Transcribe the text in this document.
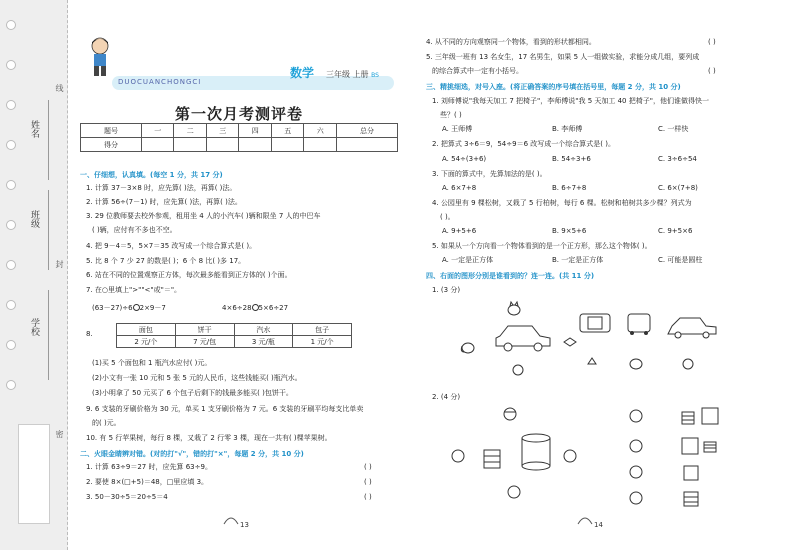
姓名
班级
学校
线
封
密
DUOCUANCHONGCI
数学 三年级 上册 BS
第一次月考测评卷
题号	一	二	三	四	五	六	总分
得分							
一、仔细想，认真填。(每空 1 分，共 17 分)
1. 计算 37－3×8 时，应先算( )法，再算( )法。
2. 计算 56÷(7－1) 时，应先算( )法，再算( )法。
3. 29 位教师要去校外参观，租用坐 4 人的小汽车( )辆和限坐 7 人的中巴车
( )辆，应付有不多也不空。
4. 把 9－4＝5，5×7＝35 改写成一个综合算式是( )。
5. 比 8 个 7 少 27 的数是( )；6 个 8 比( )多 17。
6. 站在不同的位置观察正方体，每次最多能看到正方体的( )个面。
7. 在○里填上">""<"或"＝"。
(63－27)÷6 2×9－7	4×6÷28 5×6÷27
8.
面包	饼干	汽水	包子
2 元/个	7 元/包	3 元/瓶	1 元/个
(1)买 5 个面包和 1 瓶汽水应付( )元。
(2)小文有一张 10 元和 5 张 5 元的人民币，这些钱能买( )瓶汽水。
(3)小明拿了 50 元买了 6 个包子后剩下的钱最多能买( )包饼干。
9. 6 支装的牙刷价格为 30 元，单买 1 支牙刷价格为 7 元。6 支装的牙刷平均每支比单卖
的( )元。
10. 有 5 行苹果树，每行 8 棵，又栽了 2 行零 3 棵，现在一共有( )棵苹果树。
二、火眼金睛辨对错。(对的打"√"，错的打"×"，每题 2 分，共 10 分)
1. 计算 63÷9＝27 时，应先算 63÷9。	( )
2. 要使 8×(□+5)＝48，□里应填 3。	( )
3. 50－30÷5＝20÷5＝4	( )
13
4. 从不同的方向观察同一个物体，看到的形状都相同。	( )
5. 三年级一班有 13 名女生，17 名男生，如果 5 人一组做实验，求能分成几组，要列成
的综合算式中一定有小括号。	( )
三、精挑细选，对号入座。(将正确答案的序号填在括号里，每题 2 分，共 10 分)
1. 刘师傅说"我每天加工 7 把椅子"，李师傅说"我 5 天加工 40 把椅子"，他们谁做得快一
些？( )
A. 王师傅	B. 李师傅	C. 一样快
2. 把算式 3÷6＝9，54÷9＝6 改写成一个综合算式是( )。
A. 54÷(3+6)	B. 54÷3+6	C. 3÷6÷54
3. 下面的算式中，先算加法的是( )。
A. 6×7+8	B. 6÷7+8	C. 6×(7+8)
4. 公园里有 9 棵松树，又栽了 5 行柏树，每行 6 棵。松树和柏树共多少棵？列式为
( )。
A. 9+5+6	B. 9×5+6	C. 9+5×6
5. 如果从一个方向看一个物体看到的是一个正方形，那么这个物体( )。
A. 一定是正方体	B. 一定是正方体	C. 可能是圆柱
四、右面的图形分别是谁看到的？连一连。(共 11 分)
1. (3 分)
2. (4 分)
14
